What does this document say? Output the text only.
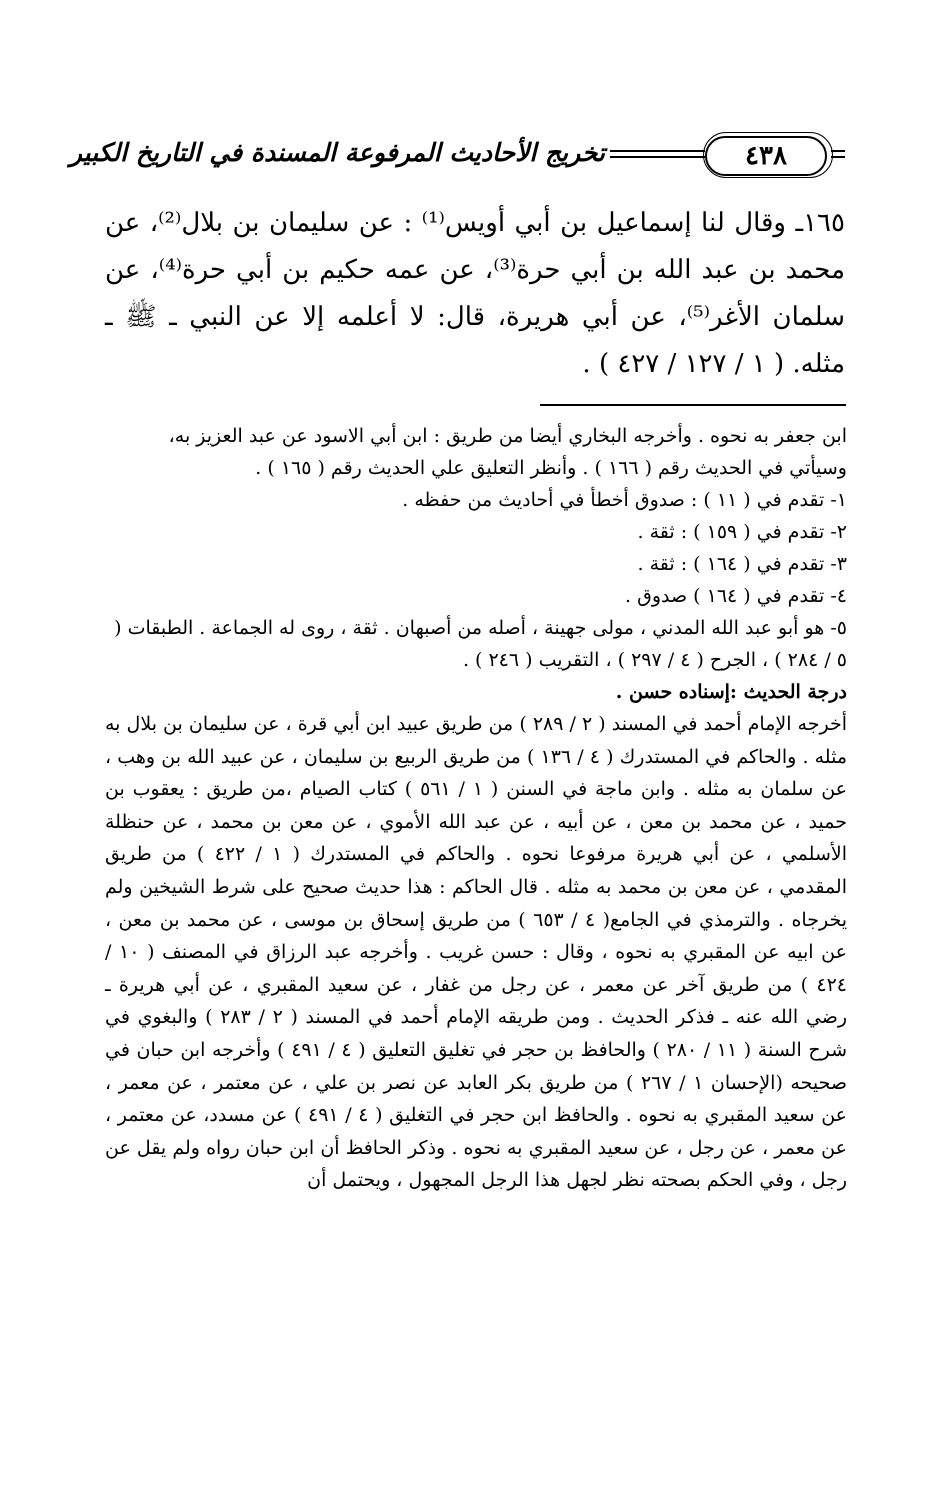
تخريج الأحاديث المرفوعة المسندة في التاريخ الكبير	٤٣٨

١٦٥ـ وقال لنا إسماعيل بن أبي أويس⁽¹⁾ : عن سليمان بن بلال⁽²⁾، عن محمد بن عبد الله بن أبي حرة⁽³⁾، عن عمه حكيم بن أبي حرة⁽⁴⁾، عن سلمان الأغر⁽⁵⁾، عن أبي هريرة، قال: لا أعلمه إلا عن النبي ـ ﷺ ـ مثله. ( ١ / ١٢٧ / ٤٢٧ ) .

ابن جعفر به نحوه . وأخرجه البخاري أيضا من طريق : ابن أبي الاسود عن عبد العزيز به، وسيأتي في الحديث رقم ( ١٦٦ ) . وأنظر التعليق علي الحديث رقم ( ١٦٥ ) .

١- تقدم في ( ١١ ) : صدوق أخطأ في أحاديث من حفظه .

٢- تقدم في ( ١٥٩ ) : ثقة .

٣- تقدم في ( ١٦٤ ) : ثقة .

٤- تقدم في ( ١٦٤ ) صدوق .

٥- هو أبو عبد الله المدني ، مولى جهينة ، أصله من أصبهان . ثقة ، روى له الجماعة . الطبقات ( ٥ / ٢٨٤ ) ، الجرح ( ٤ / ٢٩٧ ) ، التقريب ( ٢٤٦ ) .

درجة الحديث :إسناده حسن .

أخرجه الإمام أحمد في المسند ( ٢ / ٢٨٩ ) من طريق عبيد ابن أبي قرة ، عن سليمان بن بلال به مثله . والحاكم في المستدرك ( ٤ / ١٣٦ ) من طريق الربيع بن سليمان ، عن عبيد الله بن وهب ، عن سلمان به مثله . وابن ماجة في السنن ( ١ / ٥٦١ ) كتاب الصيام ،من طريق : يعقوب بن حميد ، عن محمد بن معن ، عن أبيه ، عن عبد الله الأموي ، عن معن بن محمد ، عن حنظلة الأسلمي ، عن أبي هريرة مرفوعا نحوه . والحاكم في المستدرك ( ١ / ٤٢٢ ) من طريق المقدمي ، عن معن بن محمد به مثله . قال الحاكم : هذا حديث صحيح على شرط الشيخين ولم يخرجاه . والترمذي في الجامع( ٤ / ٦٥٣ ) من طريق إسحاق بن موسى ، عن محمد بن معن ، عن ابيه عن المقبري به نحوه ، وقال : حسن غريب . وأخرجه عبد الرزاق في المصنف ( ١٠ / ٤٢٤ ) من طريق آخر عن معمر ، عن رجل من غفار ، عن سعيد المقبري ، عن أبي هريرة ـ رضي الله عنه ـ فذكر الحديث . ومن طريقه الإمام أحمد في المسند ( ٢ / ٢٨٣ ) والبغوي في شرح السنة ( ١١ / ٢٨٠ ) والحافظ بن حجر في تغليق التعليق ( ٤ / ٤٩١ ) وأخرجه ابن حبان في صحيحه (الإحسان ١ / ٢٦٧ ) من طريق بكر العابد عن نصر بن علي ، عن معتمر ، عن معمر ، عن سعيد المقبري به نحوه . والحافظ ابن حجر في التغليق ( ٤ / ٤٩١ ) عن مسدد، عن معتمر ، عن معمر ، عن رجل ، عن سعيد المقبري به نحوه . وذكر الحافظ أن ابن حبان رواه ولم يقل عن رجل ، وفي الحكم بصحته نظر لجهل هذا الرجل المجهول ، ويحتمل أن
